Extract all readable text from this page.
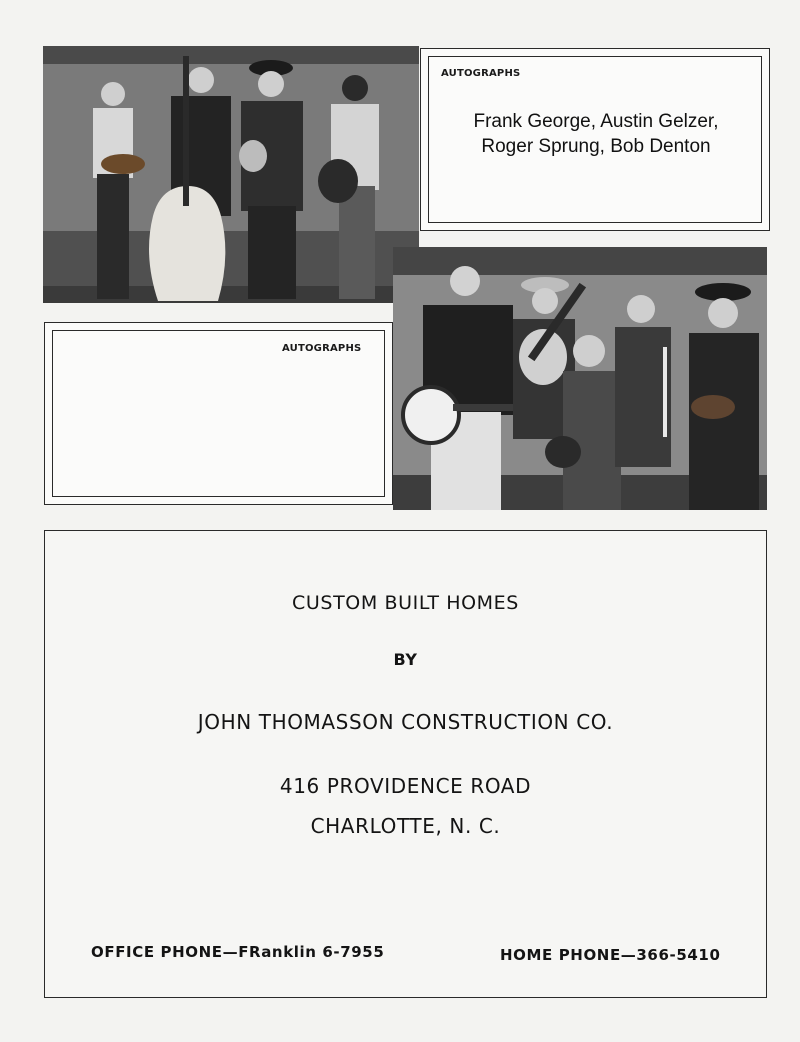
AUTOGRAPHS
Frank George, Austin Gelzer,
Roger Sprung, Bob Denton
AUTOGRAPHS
CUSTOM BUILT HOMES
BY
JOHN THOMASSON CONSTRUCTION CO.
416 PROVIDENCE ROAD
CHARLOTTE, N. C.
OFFICE PHONE—FRanklin 6-7955	HOME PHONE—366-5410
